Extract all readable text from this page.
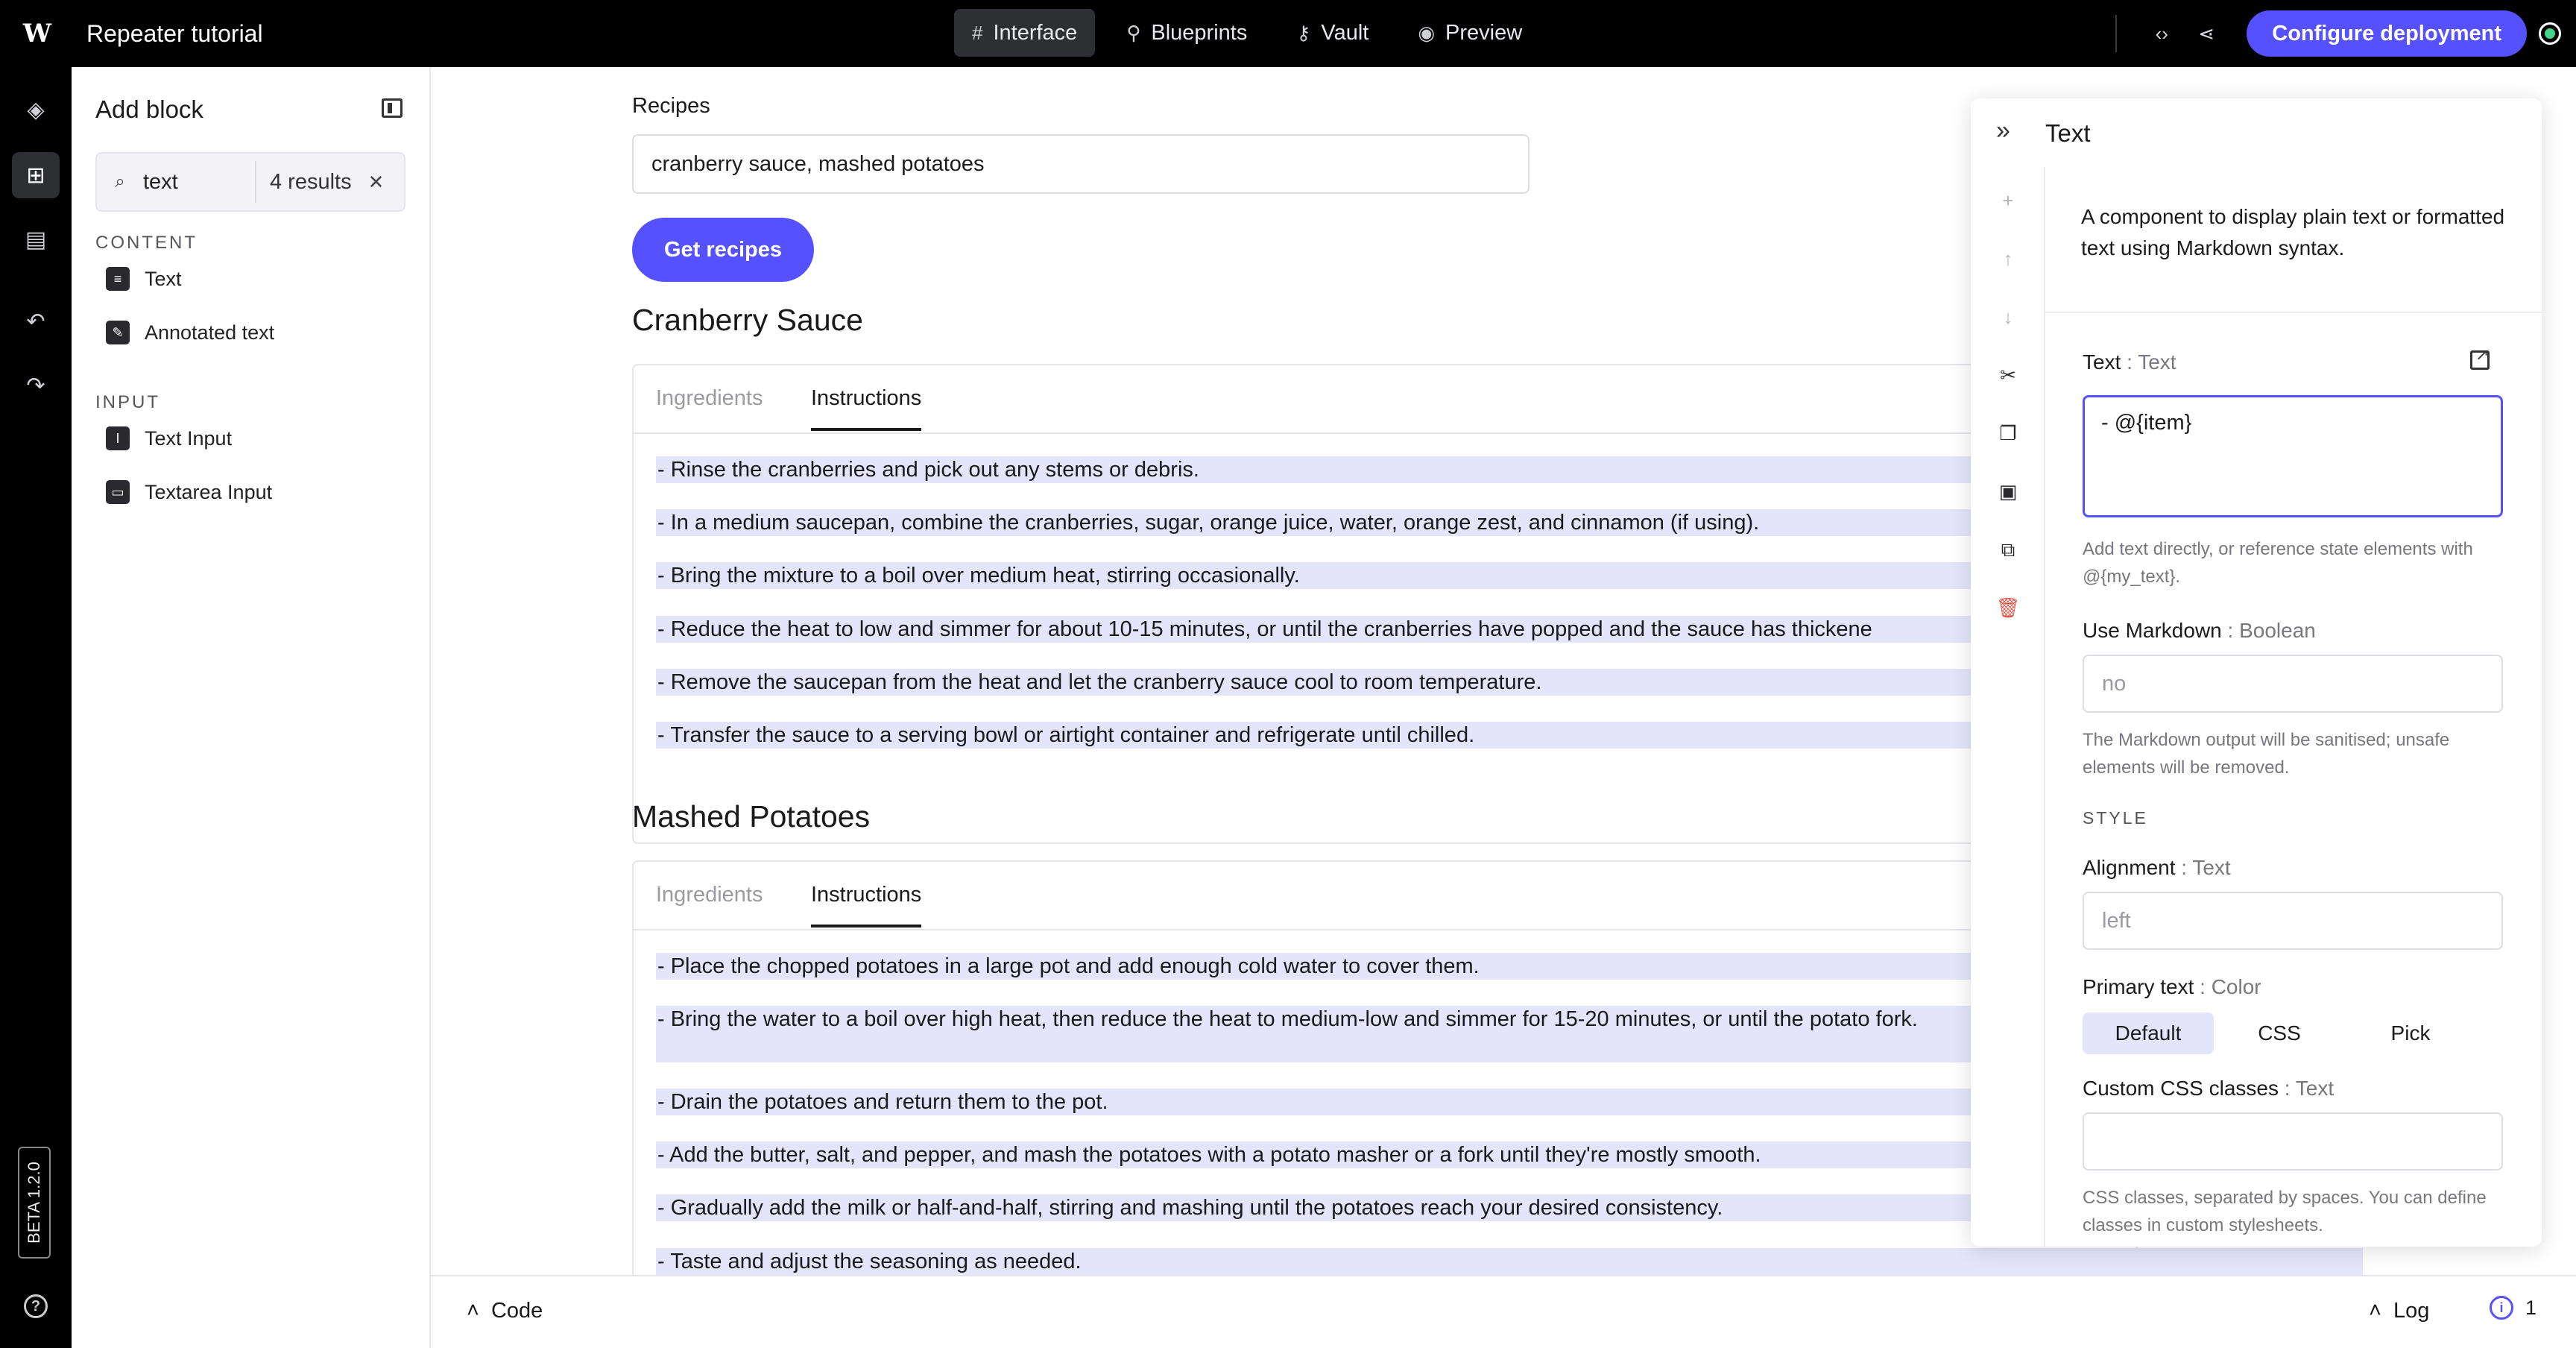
W	Repeater tutorial	# Interface	⚲ Blueprints	⚷ Vault	◉ Preview	‹›	⋖	Configure deployment
◈
⊞
▤
↶
↷
BETA 1.2.0
?
Add block
⌕
text	4 results ✕
CONTENT
≡	Text
✎	Annotated text
INPUT
I	Text Input
▭ Textarea Input
Recipes
cranberry sauce, mashed potatoes
Get recipes
Cranberry Sauce
Ingredients Instructions
- Rinse the cranberries and pick out any stems or debris.
- In a medium saucepan, combine the cranberries, sugar, orange juice, water, orange zest, and cinnamon (if using).
- Bring the mixture to a boil over medium heat, stirring occasionally.
- Reduce the heat to low and simmer for about 10-15 minutes, or until the cranberries have popped and the sauce has thickene
- Remove the saucepan from the heat and let the cranberry sauce cool to room temperature.
- Transfer the sauce to a serving bowl or airtight container and refrigerate until chilled.
Mashed Potatoes
Ingredients Instructions
- Place the chopped potatoes in a large pot and add enough cold water to cover them.
- Bring the water to a boil over high heat, then reduce the heat to medium-low and simmer for 15-20 minutes, or until the potato fork.
- Drain the potatoes and return them to the pot.
- Add the butter, salt, and pepper, and mash the potatoes with a potato masher or a fork until they're mostly smooth.
- Gradually add the milk or half-and-half, stirring and mashing until the potatoes reach your desired consistency.
- Taste and adjust the seasoning as needed.
˄ Code	˄ Log	i	1
» Text
+
↑
↓
✂
❐
▣
⧉
🗑
A component to display plain text or formatted text using Markdown syntax.
Text : Text
↗
- @{item}
Add text directly, or reference state elements with @{my_text}.
Use Markdown : Boolean
no
The Markdown output will be sanitised; unsafe elements will be removed.
STYLE
Alignment : Text
left
Primary text : Color
Default	CSS	Pick
Custom CSS classes : Text
CSS classes, separated by spaces. You can define classes in custom stylesheets.
